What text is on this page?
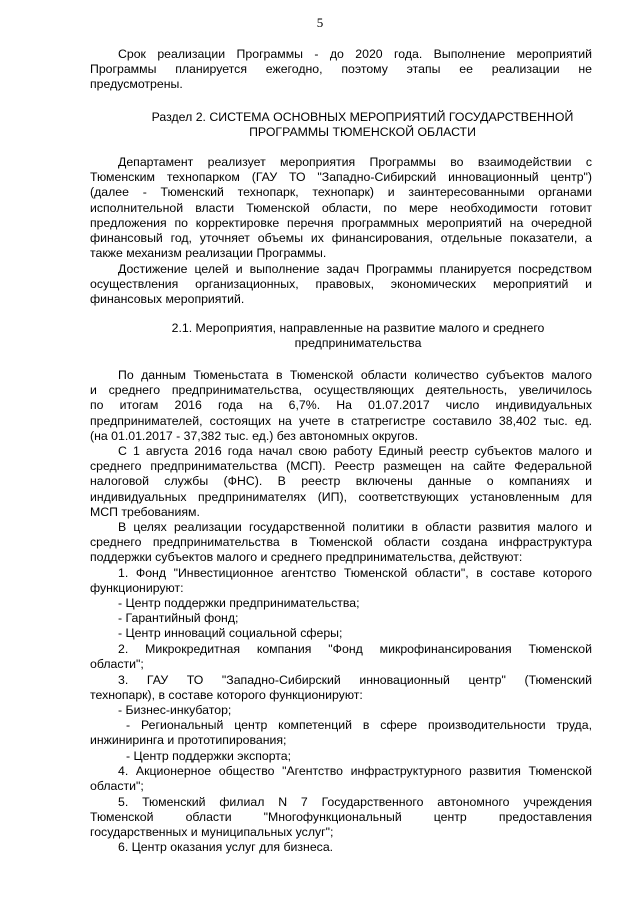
5
Срок реализации Программы - до 2020 года. Выполнение мероприятий
Программы планируется ежегодно, поэтому этапы ее реализации не
предусмотрены.
Раздел 2. СИСТЕМА ОСНОВНЫХ МЕРОПРИЯТИЙ ГОСУДАРСТВЕННОЙ
ПРОГРАММЫ ТЮМЕНСКОЙ ОБЛАСТИ
Департамент реализует мероприятия Программы во взаимодействии с
Тюменским технопарком (ГАУ ТО "Западно-Сибирский инновационный центр")
(далее - Тюменский технопарк, технопарк) и заинтересованными органами
исполнительной власти Тюменской области, по мере необходимости готовит
предложения по корректировке перечня программных мероприятий на очередной
финансовый год, уточняет объемы их финансирования, отдельные показатели, а
также механизм реализации Программы.
Достижение целей и выполнение задач Программы планируется посредством
осуществления организационных, правовых, экономических мероприятий и
финансовых мероприятий.
2.1. Мероприятия, направленные на развитие малого и среднего
предпринимательства
По данным Тюменьстата в Тюменской области количество субъектов малого
и среднего предпринимательства, осуществляющих деятельность, увеличилось
по итогам 2016 года на 6,7%. На 01.07.2017 число индивидуальных
предпринимателей, состоящих на учете в статрегистре составило 38,402 тыс. ед.
(на 01.01.2017 - 37,382 тыс. ед.) без автономных округов.
С 1 августа 2016 года начал свою работу Единый реестр субъектов малого и
среднего предпринимательства (МСП). Реестр размещен на сайте Федеральной
налоговой службы (ФНС). В реестр включены данные о компаниях и
индивидуальных предпринимателях (ИП), соответствующих установленным для
МСП требованиям.
В целях реализации государственной политики в области развития малого и
среднего предпринимательства в Тюменской области создана инфраструктура
поддержки субъектов малого и среднего предпринимательства, действуют:
1. Фонд "Инвестиционное агентство Тюменской области", в составе которого
функционируют:
- Центр поддержки предпринимательства;
- Гарантийный фонд;
- Центр инноваций социальной сферы;
2. Микрокредитная компания "Фонд микрофинансирования Тюменской
области";
3. ГАУ ТО "Западно-Сибирский инновационный центр" (Тюменский
технопарк), в составе которого функционируют:
- Бизнес-инкубатор;
- Региональный центр компетенций в сфере производительности труда,
инжиниринга и прототипирования;
- Центр поддержки экспорта;
4. Акционерное общество "Агентство инфраструктурного развития Тюменской
области";
5. Тюменский филиал N 7 Государственного автономного учреждения
Тюменской области "Многофункциональный центр предоставления
государственных и муниципальных услуг";
6. Центр оказания услуг для бизнеса.
